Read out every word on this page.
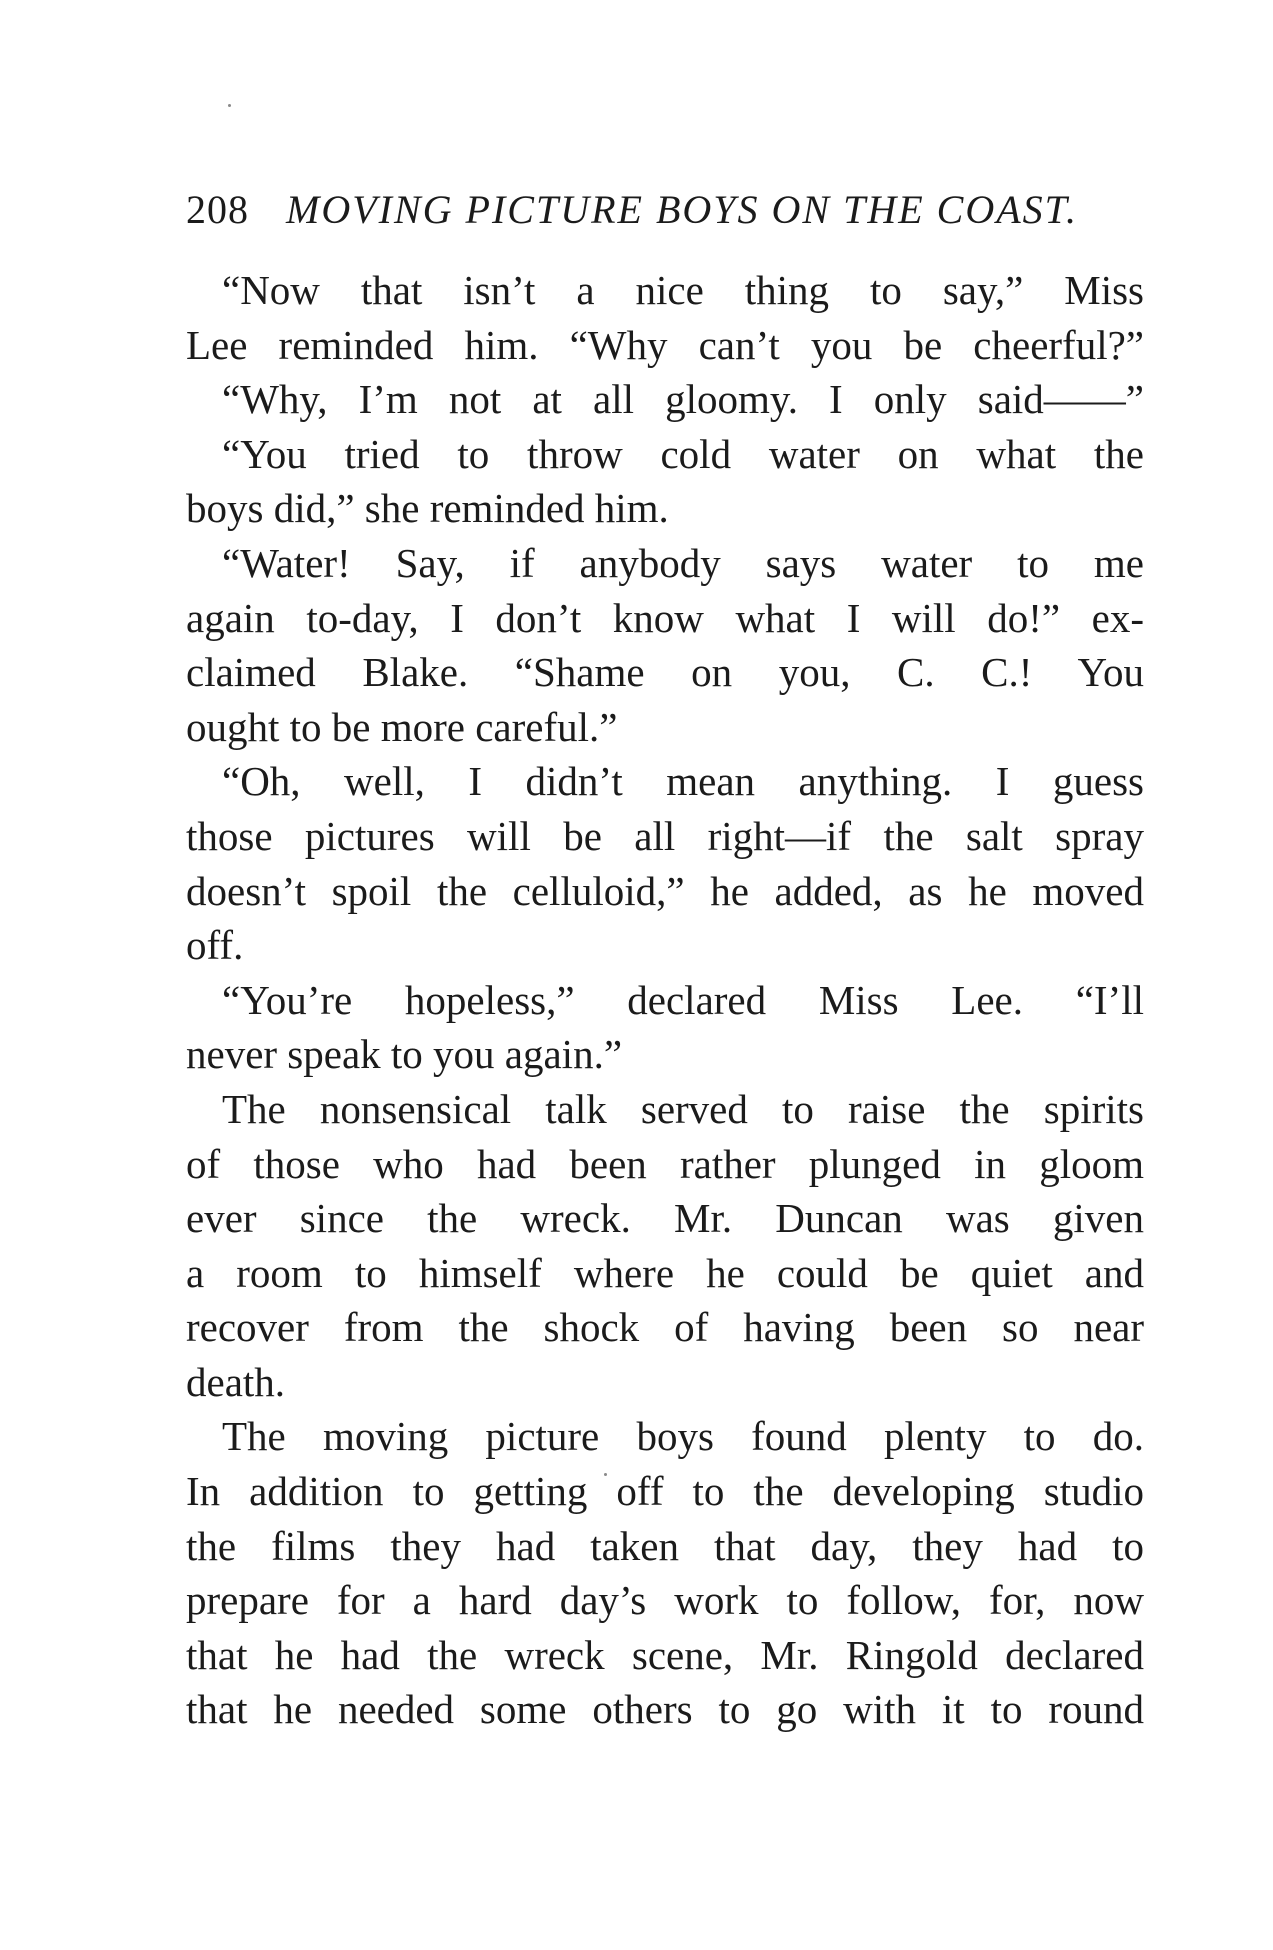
208 MOVING PICTURE BOYS ON THE COAST.
“Now that isn’t a nice thing to say,” Miss
Lee reminded him. “Why can’t you be cheerful?”
“Why, I’m not at all gloomy. I only said——”
“You tried to throw cold water on what the
boys did,” she reminded him.
“Water! Say, if anybody says water to me
again to-day, I don’t know what I will do!” ex-
claimed Blake. “Shame on you, C. C.! You
ought to be more careful.”
“Oh, well, I didn’t mean anything. I guess
those pictures will be all right—if the salt spray
doesn’t spoil the celluloid,” he added, as he moved
off.
“You’re hopeless,” declared Miss Lee. “I’ll
never speak to you again.”
The nonsensical talk served to raise the spirits
of those who had been rather plunged in gloom
ever since the wreck. Mr. Duncan was given
a room to himself where he could be quiet and
recover from the shock of having been so near
death.
The moving picture boys found plenty to do.
In addition to getting off to the developing studio
the films they had taken that day, they had to
prepare for a hard day’s work to follow, for, now
that he had the wreck scene, Mr. Ringold declared
that he needed some others to go with it to round
